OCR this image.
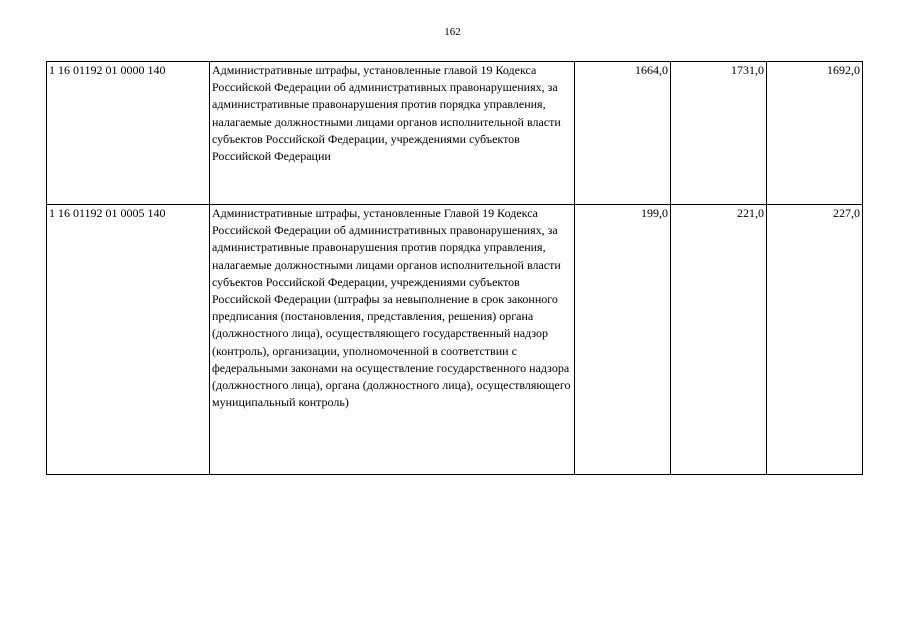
162
1 16 01192 01 0000 140	Административные штрафы, установленные главой 19 Кодекса Российской Федерации об административных правонарушениях, за административные правонарушения против порядка управления, налагаемые должностными лицами органов исполнительной власти субъектов Российской Федерации, учреждениями субъектов Российской Федерации	1664,0	1731,0	1692,0
1 16 01192 01 0005 140	Административные штрафы, установленные Главой 19 Кодекса Российской Федерации об административных правонарушениях, за административные правонарушения против порядка управления, налагаемые должностными лицами органов исполнительной власти субъектов Российской Федерации, учреждениями субъектов Российской Федерации (штрафы за невыполнение в срок законного предписания (постановления, представления, решения) органа (должностного лица), осуществляющего государственный надзор (контроль), организации, уполномоченной в соответствии с федеральными законами на осуществление государственного надзора (должностного лица), органа (должностного лица), осуществляющего муниципальный контроль)	199,0	221,0	227,0
